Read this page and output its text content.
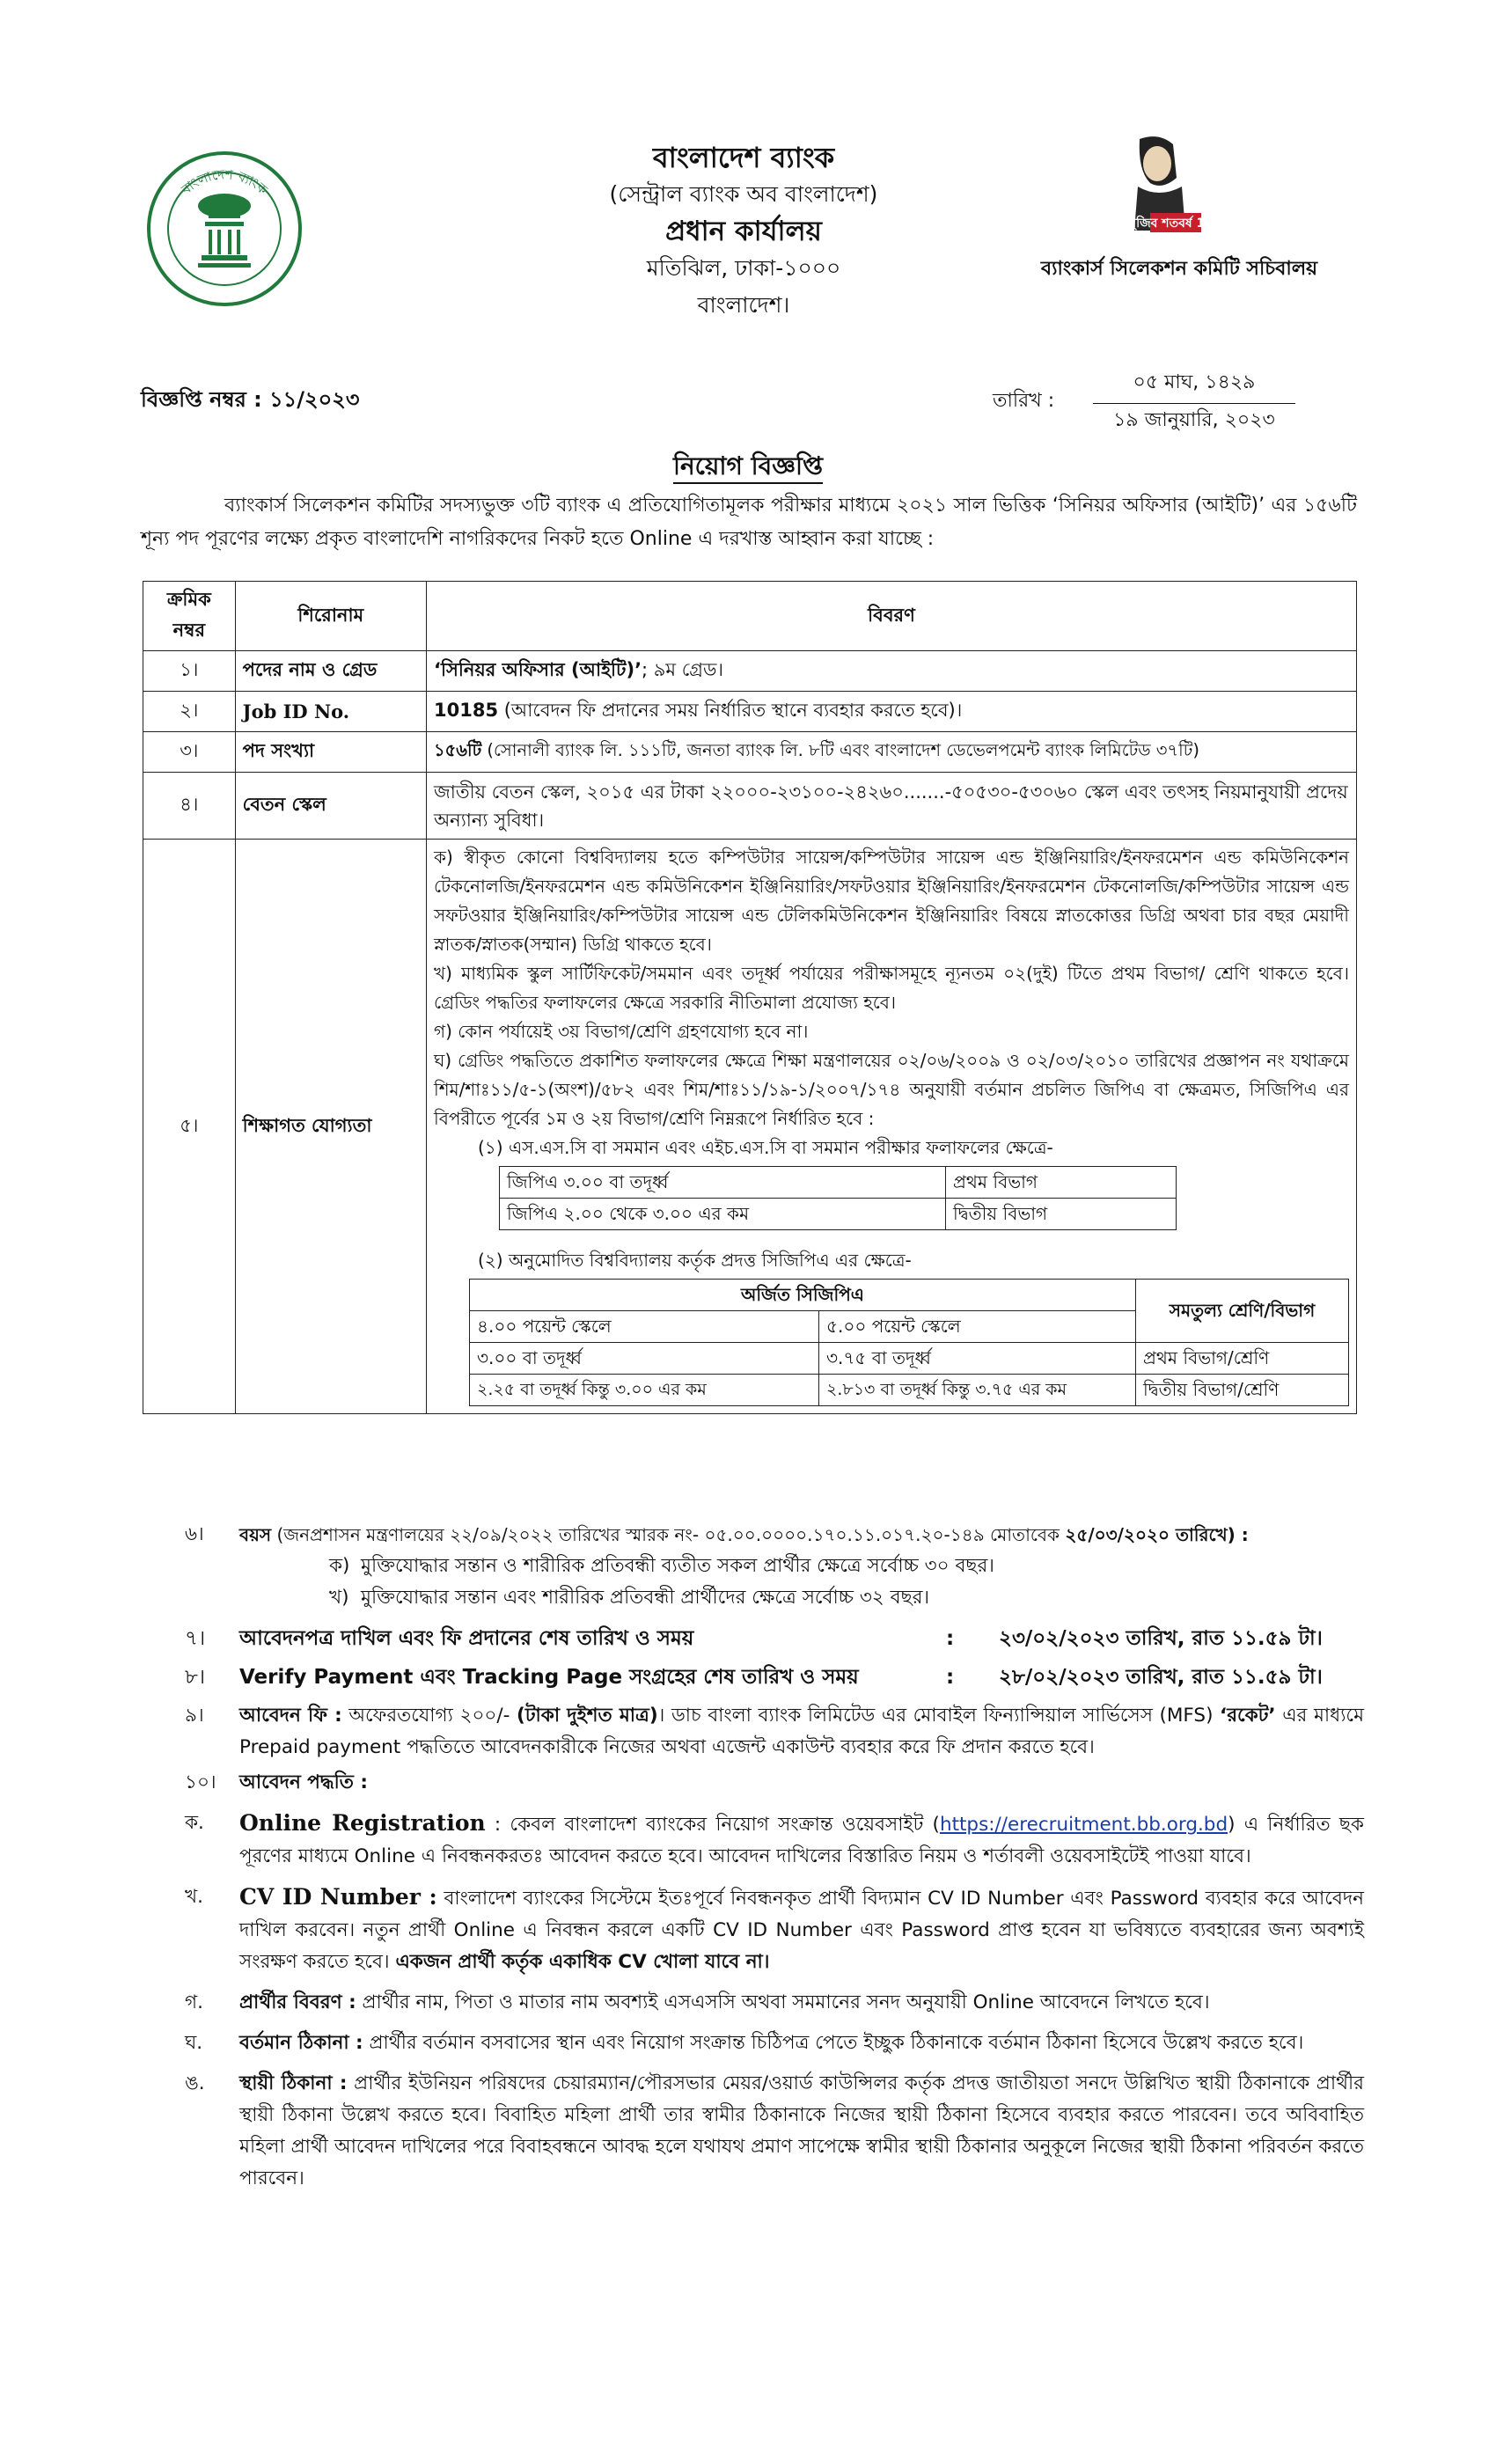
বাংলাদেশ ব্যাংক
বাংলাদেশ ব্যাংক
(সেন্ট্রাল ব্যাংক অব বাংলাদেশ)
প্রধান কার্যালয়
মতিঝিল, ঢাকা-১০০০
বাংলাদেশ।
মুজিব শতবর্ষ 100
ব্যাংকার্স সিলেকশন কমিটি সচিবালয়
বিজ্ঞপ্তি নম্বর : ১১/২০২৩	তারিখ :
০৫ মাঘ, ১৪২৯
১৯ জানুয়ারি, ২০২৩
নিয়োগ বিজ্ঞপ্তি
ব্যাংকার্স সিলেকশন কমিটির সদস্যভুক্ত ৩টি ব্যাংক এ প্রতিযোগিতামূলক পরীক্ষার মাধ্যমে ২০২১ সাল ভিত্তিক ‘সিনিয়র অফিসার (আইটি)’ এর ১৫৬টি শূন্য পদ পূরণের লক্ষ্যে প্রকৃত বাংলাদেশি নাগরিকদের নিকট হতে Online এ দরখাস্ত আহ্বান করা যাচ্ছে :
ক্রমিক নম্বর	শিরোনাম	বিবরণ
১।	পদের নাম ও গ্রেড	‘সিনিয়র অফিসার (আইটি)’; ৯ম গ্রেড।
২।	Job ID No.	10185 (আবেদন ফি প্রদানের সময় নির্ধারিত স্থানে ব্যবহার করতে হবে)।
৩।	পদ সংখ্যা	১৫৬টি (সোনালী ব্যাংক লি. ১১১টি, জনতা ব্যাংক লি. ৮টি এবং বাংলাদেশ ডেভেলপমেন্ট ব্যাংক লিমিটেড ৩৭টি)
৪।	বেতন স্কেল	জাতীয় বেতন স্কেল, ২০১৫ এর টাকা ২২০০০-২৩১০০-২৪২৬০.......-৫০৫৩০-৫৩০৬০ স্কেল এবং তৎসহ নিয়মানুযায়ী প্রদেয় অন্যান্য সুবিধা।
৫।	শিক্ষাগত যোগ্যতা	

ক) স্বীকৃত কোনো বিশ্ববিদ্যালয় হতে কম্পিউটার সায়েন্স/কম্পিউটার সায়েন্স এন্ড ইঞ্জিনিয়ারিং/ইনফরমেশন এন্ড কমিউনিকেশন টেকনোলজি/ইনফরমেশন এন্ড কমিউনিকেশন ইঞ্জিনিয়ারিং/সফটওয়ার ইঞ্জিনিয়ারিং/ইনফরমেশন টেকনোলজি/কম্পিউটার সায়েন্স এন্ড সফটওয়ার ইঞ্জিনিয়ারিং/কম্পিউটার সায়েন্স এন্ড টেলিকমিউনিকেশন ইঞ্জিনিয়ারিং বিষয়ে স্নাতকোত্তর ডিগ্রি অথবা চার বছর মেয়াদী স্নাতক/স্নাতক(সম্মান) ডিগ্রি থাকতে হবে।

খ) মাধ্যমিক স্কুল সার্টিফিকেট/সমমান এবং তদূর্ধ্ব পর্যায়ের পরীক্ষাসমূহে ন্যূনতম ০২(দুই) টিতে প্রথম বিভাগ/ শ্রেণি থাকতে হবে। গ্রেডিং পদ্ধতির ফলাফলের ক্ষেত্রে সরকারি নীতিমালা প্রযোজ্য হবে।

গ) কোন পর্যায়েই ৩য় বিভাগ/শ্রেণি গ্রহণযোগ্য হবে না।

ঘ) গ্রেডিং পদ্ধতিতে প্রকাশিত ফলাফলের ক্ষেত্রে শিক্ষা মন্ত্রণালয়ের ০২/০৬/২০০৯ ও ০২/০৩/২০১০ তারিখের প্রজ্ঞাপন নং যথাক্রমে শিম/শাঃ১১/৫-১(অংশ)/৫৮২ এবং শিম/শাঃ১১/১৯-১/২০০৭/১৭৪ অনুযায়ী বর্তমান প্রচলিত জিপিএ বা ক্ষেত্রমত, সিজিপিএ এর বিপরীতে পূর্বের ১ম ও ২য় বিভাগ/শ্রেণি নিম্নরূপে নির্ধারিত হবে :

(১) এস.এস.সি বা সমমান এবং এইচ.এস.সি বা সমমান পরীক্ষার ফলাফলের ক্ষেত্রে-

জিপিএ ৩.০০ বা তদূর্ধ্ব	প্রথম বিভাগ
জিপিএ ২.০০ থেকে ৩.০০ এর কম	দ্বিতীয় বিভাগ

(২) অনুমোদিত বিশ্ববিদ্যালয় কর্তৃক প্রদত্ত সিজিপিএ এর ক্ষেত্রে-

অর্জিত সিজিপিএ	সমতুল্য শ্রেণি/বিভাগ
৪.০০ পয়েন্ট স্কেলে	৫.০০ পয়েন্ট স্কেলে
৩.০০ বা তদূর্ধ্ব	৩.৭৫ বা তদূর্ধ্ব	প্রথম বিভাগ/শ্রেণি
২.২৫ বা তদূর্ধ্ব কিন্তু ৩.০০ এর কম	২.৮১৩ বা তদূর্ধ্ব কিন্তু ৩.৭৫ এর কম	দ্বিতীয় বিভাগ/শ্রেণি
৬।	বয়স (জনপ্রশাসন মন্ত্রণালয়ের ২২/০৯/২০২২ তারিখের স্মারক নং- ০৫.০০.০০০০.১৭০.১১.০১৭.২০-১৪৯ মোতাবেক ২৫/০৩/২০২০ তারিখে) :
ক) মুক্তিযোদ্ধার সন্তান ও শারীরিক প্রতিবন্ধী ব্যতীত সকল প্রার্থীর ক্ষেত্রে সর্বোচ্চ ৩০ বছর।
খ) মুক্তিযোদ্ধার সন্তান এবং শারীরিক প্রতিবন্ধী প্রার্থীদের ক্ষেত্রে সর্বোচ্চ ৩২ বছর।
৭।	আবেদনপত্র দাখিল এবং ফি প্রদানের শেষ তারিখ ও সময়	: ২৩/০২/২০২৩ তারিখ, রাত ১১.৫৯ টা।
৮।	Verify Payment এবং Tracking Page সংগ্রহের শেষ তারিখ ও সময়	: ২৮/০২/২০২৩ তারিখ, রাত ১১.৫৯ টা।
৯।	আবেদন ফি : অফেরতযোগ্য ২০০/- (টাকা দুইশত মাত্র)। ডাচ বাংলা ব্যাংক লিমিটেড এর মোবাইল ফিন্যান্সিয়াল সার্ভিসেস (MFS) ‘রকেট’ এর মাধ্যমে Prepaid payment পদ্ধতিতে আবেদনকারীকে নিজের অথবা এজেন্ট একাউন্ট ব্যবহার করে ফি প্রদান করতে হবে।
১০।	আবেদন পদ্ধতি :
ক. Online Registration : কেবল বাংলাদেশ ব্যাংকের নিয়োগ সংক্রান্ত ওয়েবসাইট (https://erecruitment.bb.org.bd) এ নির্ধারিত ছক পূরণের মাধ্যমে Online এ নিবন্ধনকরতঃ আবেদন করতে হবে। আবেদন দাখিলের বিস্তারিত নিয়ম ও শর্তাবলী ওয়েবসাইটেই পাওয়া যাবে।
খ. CV ID Number : বাংলাদেশ ব্যাংকের সিস্টেমে ইতঃপূর্বে নিবন্ধনকৃত প্রার্থী বিদ্যমান CV ID Number এবং Password ব্যবহার করে আবেদন দাখিল করবেন। নতুন প্রার্থী Online এ নিবন্ধন করলে একটি CV ID Number এবং Password প্রাপ্ত হবেন যা ভবিষ্যতে ব্যবহারের জন্য অবশ্যই সংরক্ষণ করতে হবে। একজন প্রার্থী কর্তৃক একাধিক CV খোলা যাবে না।
গ. প্রার্থীর বিবরণ : প্রার্থীর নাম, পিতা ও মাতার নাম অবশ্যই এসএসসি অথবা সমমানের সনদ অনুযায়ী Online আবেদনে লিখতে হবে।
ঘ. বর্তমান ঠিকানা : প্রার্থীর বর্তমান বসবাসের স্থান এবং নিয়োগ সংক্রান্ত চিঠিপত্র পেতে ইচ্ছুক ঠিকানাকে বর্তমান ঠিকানা হিসেবে উল্লেখ করতে হবে।
ঙ. স্থায়ী ঠিকানা : প্রার্থীর ইউনিয়ন পরিষদের চেয়ারম্যান/পৌরসভার মেয়র/ওয়ার্ড কাউন্সিলর কর্তৃক প্রদত্ত জাতীয়তা সনদে উল্লিখিত স্থায়ী ঠিকানাকে প্রার্থীর স্থায়ী ঠিকানা উল্লেখ করতে হবে। বিবাহিত মহিলা প্রার্থী তার স্বামীর ঠিকানাকে নিজের স্থায়ী ঠিকানা হিসেবে ব্যবহার করতে পারবেন। তবে অবিবাহিত মহিলা প্রার্থী আবেদন দাখিলের পরে বিবাহবন্ধনে আবদ্ধ হলে যথাযথ প্রমাণ সাপেক্ষে স্বামীর স্থায়ী ঠিকানার অনুকূলে নিজের স্থায়ী ঠিকানা পরিবর্তন করতে পারবেন।
